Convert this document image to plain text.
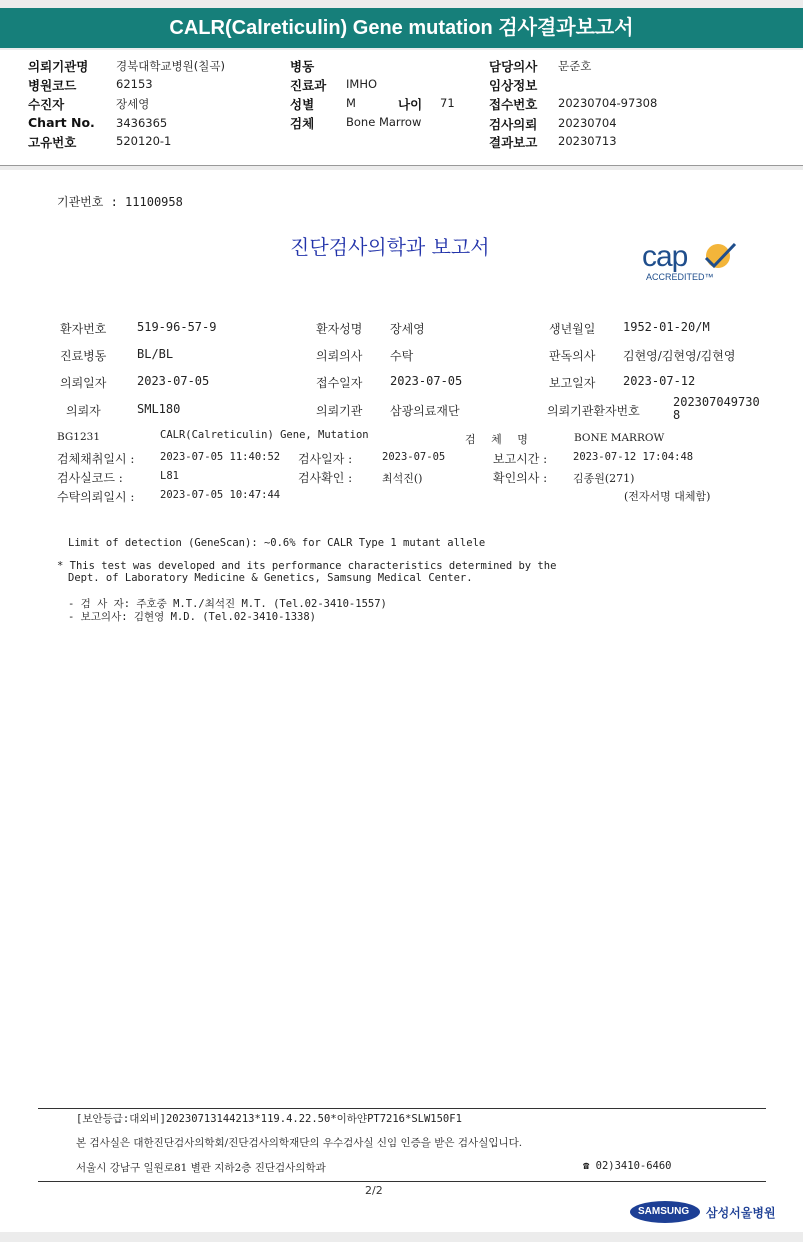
CALR(Calreticulin) Gene mutation 검사결과보고서
의뢰기관명 경북대학교병원(칠곡)
병원코드	62153
수진자	장세영
Chart No. 3436365
고유번호	520120-1
병동
진료과 IMHO
성별	M	나이 71
검체	Bone Marrow
담당의사 문준호
임상정보
접수번호 20230704-97308
검사의뢰 20230704
결과보고 20230713
기관번호 : 11100958
진단검사의학과 보고서	cap
ACCREDITED™
환자번호	519-96-57-9	환자성명 장세영	생년월일 1952-01-20/M
진료병동	BL/BL	의뢰의사 수탁	판독의사 김현영/김현영/김현영
의뢰일자	2023-07-05	접수일자 2023-07-05	보고일자 2023-07-12
의뢰자	SML180	의뢰기관 삼광의료재단	의뢰기관환자번호
202307049730
8
BG1231	CALR(Calreticulin) Gene, Mutation	검 체 명	BONE MARROW
검체채취일시 : 2023-07-05 11:40:52 검사일자 :	2023-07-05	보고시간 : 2023-07-12 17:04:48
검사실코드 :	L81	검사확인 :	최석진()	확인의사 : 김종원(271)
수탁의뢰일시 : 2023-07-05 10:47:44	(전자서명 대체함)
Limit of detection (GeneScan): ~0.6% for CALR Type 1 mutant allele
* This test was developed and its performance characteristics determined by the
Dept. of Laboratory Medicine & Genetics, Samsung Medical Center.
- 검 사 자: 주호중 M.T./최석진 M.T. (Tel.02-3410-1557)
- 보고의사: 김현영 M.D. (Tel.02-3410-1338)
[보안등급:대외비]20230713144213*119.4.22.50*이하얀PT7216*SLW150F1
본 검사실은 대한진단검사의학회/진단검사의학재단의 우수검사실 신임 인증을 받은 검사실입니다.
서울시 강남구 일원로81 별관 지하2층 진단검사의학과	☎ 02)3410-6460
2/2
SAMSUNG 삼성서울병원
